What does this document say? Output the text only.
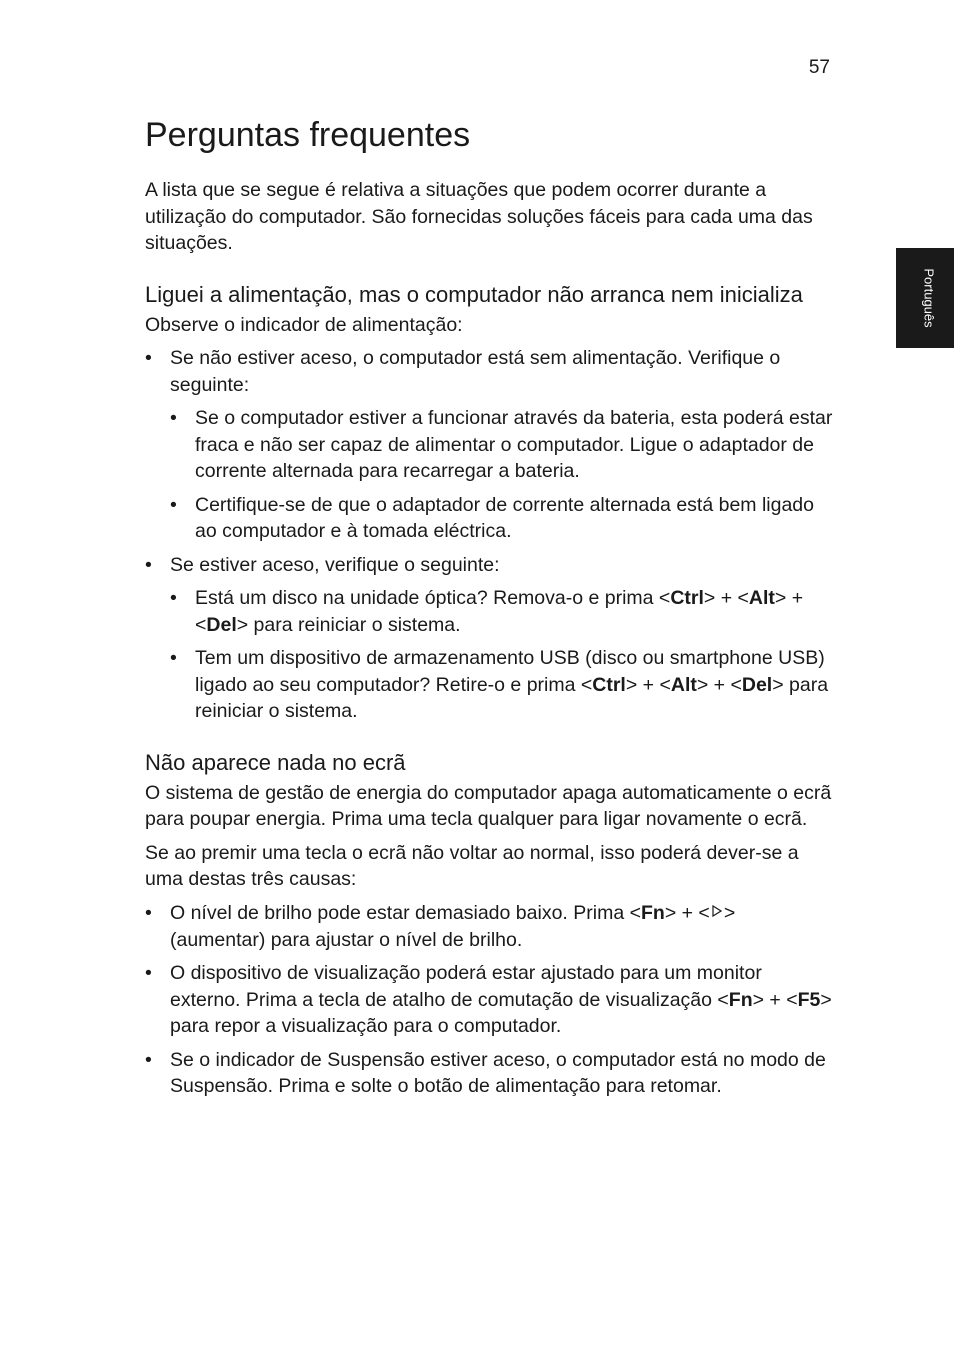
57
Português
Perguntas frequentes

A lista que se segue é relativa a situações que podem ocorrer durante a utilização do computador. São fornecidas soluções fáceis para cada uma das situações.

Liguei a alimentação, mas o computador não arranca nem inicializa

Observe o indicador de alimentação:

• Se não estiver aceso, o computador está sem alimentação. Verifique o seguinte:
• Se o computador estiver a funcionar através da bateria, esta poderá estar fraca e não ser capaz de alimentar o computador. Ligue o adaptador de corrente alternada para recarregar a bateria.
• Certifique-se de que o adaptador de corrente alternada está bem ligado ao computador e à tomada eléctrica.
• Se estiver aceso, verifique o seguinte:
• Está um disco na unidade óptica? Remova-o e prima <Ctrl> + <Alt> + <Del> para reiniciar o sistema.
• Tem um dispositivo de armazenamento USB (disco ou smartphone USB) ligado ao seu computador? Retire-o e prima <Ctrl> + <Alt> + <Del> para reiniciar o sistema.
Não aparece nada no ecrã

O sistema de gestão de energia do computador apaga automaticamente o ecrã para poupar energia. Prima uma tecla qualquer para ligar novamente o ecrã.

Se ao premir uma tecla o ecrã não voltar ao normal, isso poderá dever-se a uma destas três causas:

• O nível de brilho pode estar demasiado baixo. Prima <Fn> + < > (aumentar) para ajustar o nível de brilho.
• O dispositivo de visualização poderá estar ajustado para um monitor externo. Prima a tecla de atalho de comutação de visualização <Fn> + <F5> para repor a visualização para o computador.
• Se o indicador de Suspensão estiver aceso, o computador está no modo de Suspensão. Prima e solte o botão de alimentação para retomar.
